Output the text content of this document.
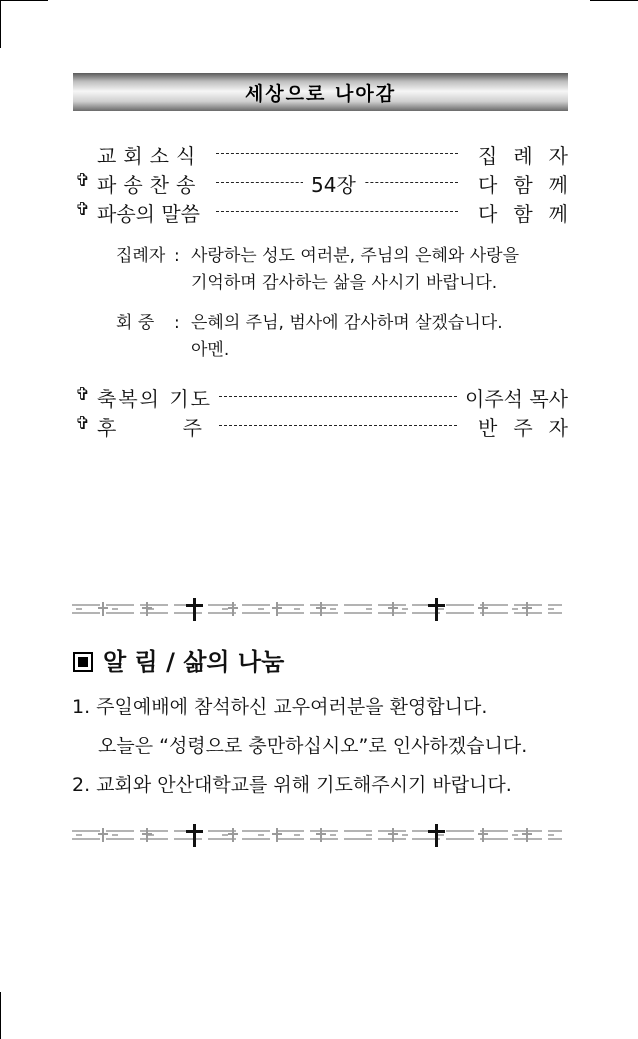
세상으로 나아감
교회소식	집례자
✞ 파송찬송	54장	다함께
✞ 파송의 말씀	다함께
집례자 : 사랑하는 성도 여러분, 주님의 은혜와 사랑을
기억하며 감사하는 삶을 사시기 바랍니다.
회 중 : 은혜의 주님, 범사에 감사하며 살겠습니다.
아멘.
✞ 축복의 기도	이주석 목사
✞ 후 주	반주자
알 림 / 삶의 나눔
1. 주일예배에 참석하신 교우여러분을 환영합니다.
오늘은 “성령으로 충만하십시오”로 인사하겠습니다.
2. 교회와 안산대학교를 위해 기도해주시기 바랍니다.
